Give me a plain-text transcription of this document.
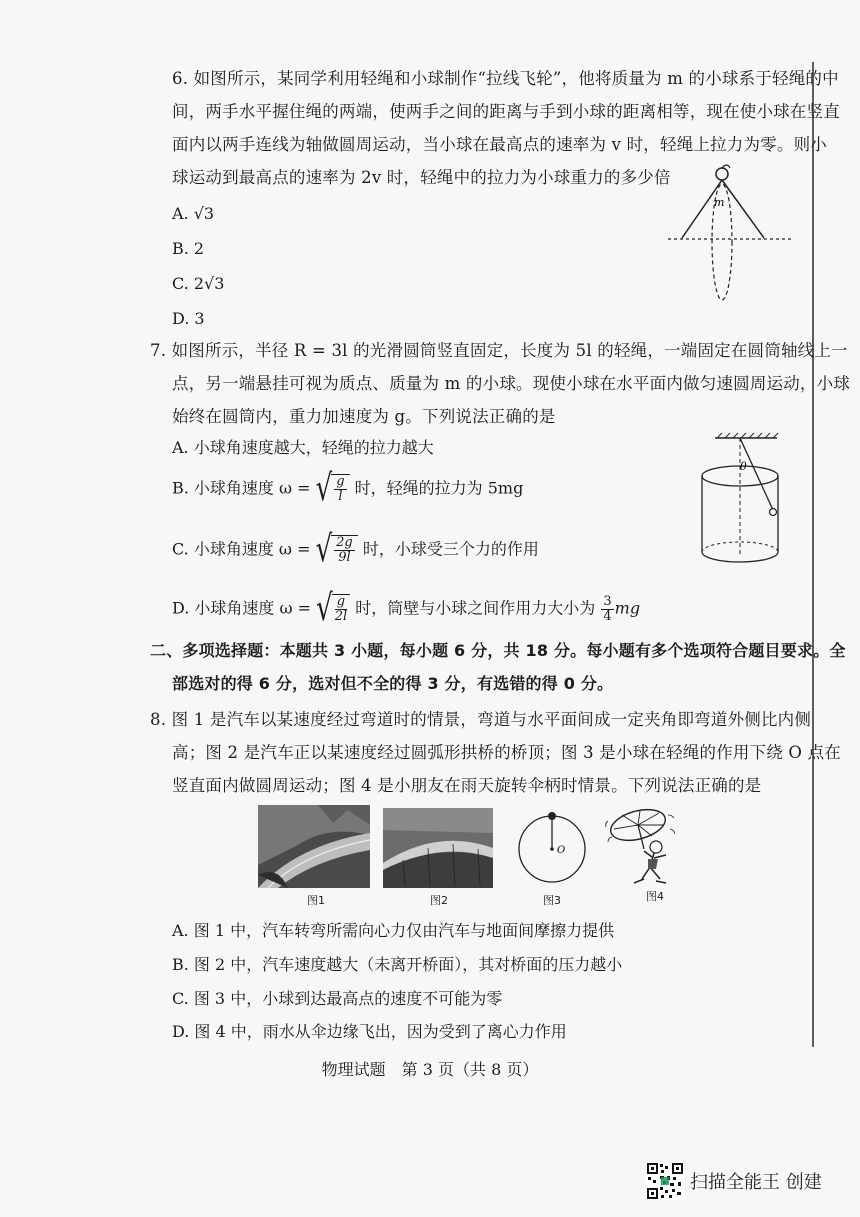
6. 如图所示，某同学利用轻绳和小球制作“拉线飞轮”，他将质量为 m 的小球系于轻绳的中
间，两手水平握住绳的两端，使两手之间的距离与手到小球的距离相等，现在使小球在竖直
面内以两手连线为轴做圆周运动，当小球在最高点的速率为 v 时，轻绳上拉力为零。则小
球运动到最高点的速率为 2v 时，轻绳中的拉力为小球重力的多少倍
A. √3
B. 2
C. 2√3
D. 3
m
7. 如图所示，半径 R = 3l 的光滑圆筒竖直固定，长度为 5l 的轻绳，一端固定在圆筒轴线上一
点，另一端悬挂可视为质点、质量为 m 的小球。现使小球在水平面内做匀速圆周运动，小球
始终在圆筒内，重力加速度为 g。下列说法正确的是
A. 小球角速度越大，轻绳的拉力越大
B. 小球角速度 ω = √ $\frac{g}{l}$ 时，轻绳的拉力为 5mg
C. 小球角速度 ω = √ $\frac{2g}{9l}$ 时，小球受三个力的作用
D. 小球角速度 ω = √ $\frac{g}{2l}$ 时，筒壁与小球之间作用力大小为 $\frac{3}{4}$ mg
θ
二、多项选择题：本题共 3 小题，每小题 6 分，共 18 分。每小题有多个选项符合题目要求。全
部选对的得 6 分，选对但不全的得 3 分，有选错的得 0 分。
8. 图 1 是汽车以某速度经过弯道时的情景，弯道与水平面间成一定夹角即弯道外侧比内侧
高；图 2 是汽车正以某速度经过圆弧形拱桥的桥顶；图 3 是小球在轻绳的作用下绕 O 点在
竖直面内做圆周运动；图 4 是小朋友在雨天旋转伞柄时情景。下列说法正确的是
图1	图2
O
图3	图4
A. 图 1 中，汽车转弯所需向心力仅由汽车与地面间摩擦力提供
B. 图 2 中，汽车速度越大（未离开桥面），其对桥面的压力越小
C. 图 3 中，小球到达最高点的速度不可能为零
D. 图 4 中，雨水从伞边缘飞出，因为受到了离心力作用
物理试题　第 3 页（共 8 页）
扫描全能王 创建
